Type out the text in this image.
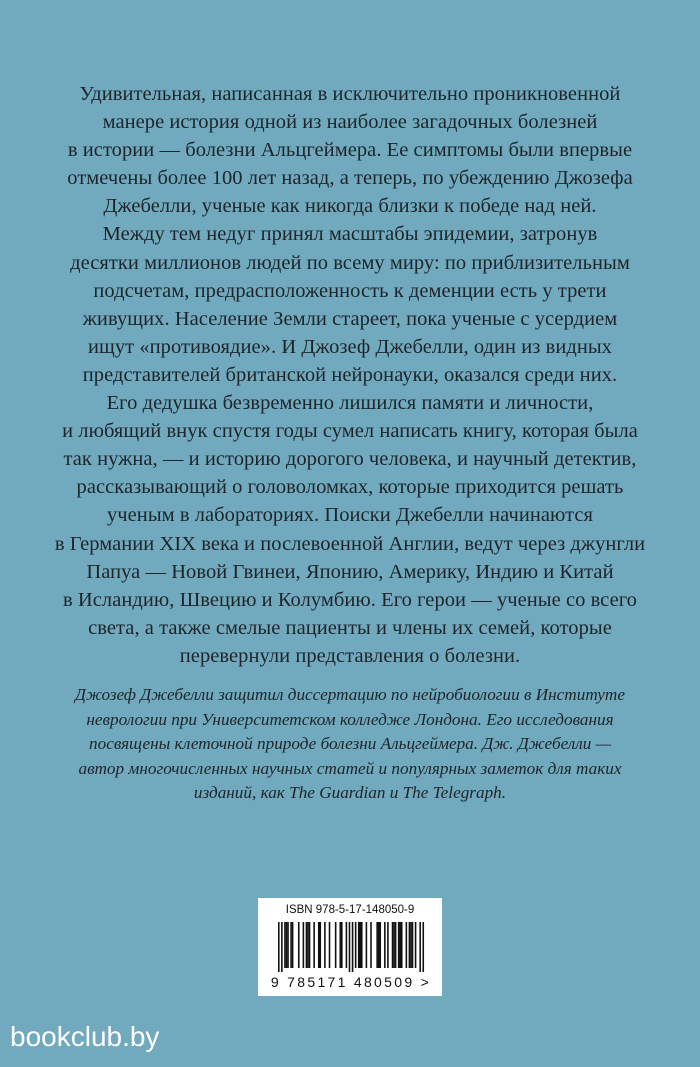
Удивительная, написанная в исключительно проникновенной
манере история одной из наиболее загадочных болезней
в истории — болезни Альцгеймера. Ее симптомы были впервые
отмечены более 100 лет назад, а теперь, по убеждению Джозефа
Джебелли, ученые как никогда близки к победе над ней.
Между тем недуг принял масштабы эпидемии, затронув
десятки миллионов людей по всему миру: по приблизительным
подсчетам, предрасположенность к деменции есть у трети
живущих. Население Земли стареет, пока ученые с усердием
ищут «противоядие». И Джозеф Джебелли, один из видных
представителей британской нейронауки, оказался среди них.
Его дедушка безвременно лишился памяти и личности,
и любящий внук спустя годы сумел написать книгу, которая была
так нужна, — и историю дорогого человека, и научный детектив,
рассказывающий о головоломках, которые приходится решать
ученым в лабораториях. Поиски Джебелли начинаются
в Германии XIX века и послевоенной Англии, ведут через джунгли
Папуа — Новой Гвинеи, Японию, Америку, Индию и Китай
в Исландию, Швецию и Колумбию. Его герои — ученые со всего
света, а также смелые пациенты и члены их семей, которые
перевернули представления о болезни.
Джозеф Джебелли защитил диссертацию по нейробиологии в Институте
неврологии при Университетском колледже Лондона. Его исследования
посвящены клеточной природе болезни Альцгеймера. Дж. Джебелли —
автор многочисленных научных статей и популярных заметок для таких
изданий, как The Guardian и The Telegraph.
ISBN 978-5-17-148050-9
9 785171 480509 >
bookclub.by
